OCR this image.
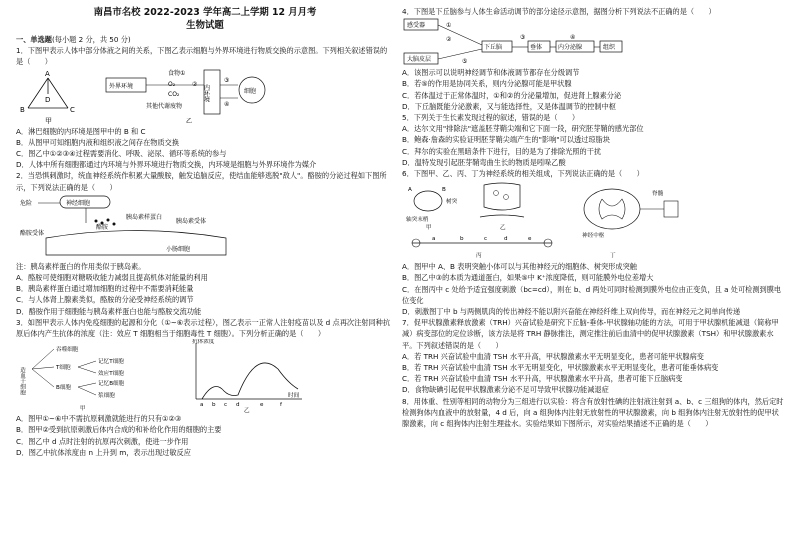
南昌市名校 2022-2023 学年高二上学期 12 月月考
生物试题

一、单选题(每小题 2 分，共 50 分)

1．下图甲表示人体中部分体液之间的关系，下图乙表示细胞与外界环境进行物质交换的示意图。下列相关叙述错误的是（　　）

A
B	C
D
甲
外界环境
食物
O₂
CO₂	内环境
①
②
③
④
细胞
其他代谢废物
乙

A．淋巴细胞的内环境是图甲中的 B 和 C

B．从图甲可知细胞内液和组织液之间存在物质交换

C．图乙中①②③④过程需要消化、呼吸、泌尿、循环等系统的参与

D．人体中所有细胞都通过内环境与外界环境进行物质交换，内环境是细胞与外界环境作为媒介

2．当恐惧刺激时，统血神经系统作积累大量酸胺，触发追脑反应，使结血能够逃脱"敌人"。酪胺的分泌过程如下图所示，下列说法正确的是（　　）

危险	神经细胞
酪胺受体
胰岛素样蛋白
酪胺
胰岛素受体
小肠细胞

注：胰岛素样蛋白的作用类似于胰岛素。

A．酪胺可使细胞对糖吸收能力减弱且提高机体对能量的利用

B．胰岛素样蛋白通过增加细胞的过程中不需要消耗能量

C．与人体肾上腺素类似，酪胺的分泌受神经系统的调节

D．酪胺作用于细胞能与胰岛素样蛋白也能与酪胺交流功能

3．如图甲表示人体内免疫细胞的起源和分化（①~⑥表示过程），图乙表示一正常人注射疫苗以及 d 点再次注射同种抗原后体内产生抗体的浓度（注：效应 T 细胞相当于细胞毒性 T 细胞）。下列分析正确的是（　　）

造血干细胞
吞噬细胞
T细胞
B细胞
记忆T细胞
效应T细胞
记忆B细胞
浆细胞
甲
抗体浓度
a b c d	e	f
时间
乙

A．图甲①~⑥中不需抗原刺激就能进行的只有①②③

B．图甲②受到抗原刺激后体内合成的和补给化作用的细胞的主要

C．图乙中 d 点时注射的抗原再次刺激，使进一步作用

D．图乙中抗体浓度由 n 上升到 m，表示出现过敏反应

4．下图是下丘脑参与人体生命活动调节的部分途径示意图，据图分析下列说法不正确的是（　　）

感受器	①
②	③	④
下丘脑	垂体	内分泌腺	组织
大脑皮层	⑤

A．该图示可以说明神经调节和体液调节都存在分级调节

B．若⑤的作用是协同关系，则内分泌腺可能是甲状腺

C．若体温过于正常体温时，①和②的分泌量增加，促进肾上腺素分泌

D．下丘脑既能分泌激素，又与能选择性，又是体温调节的控制中枢

5．下列关于生长素发现过程的叙述，错误的是（　　）

A．达尔文用"排除法"遮盖胚芽鞘尖端和它下面一段，研究胚芽鞘的感光部位

B．鲍森·詹森的实验证明胚芽鞘尖端产生的"影响"可以透过琼脂块

C．拜尔的实验在黑暗条件下进行，目的是为了排除光照的干扰

D．温特发现引起胚芽鞘弯曲生长的物质是吲哚乙酸

6．下图甲、乙、丙、丁为神经系统的相关组成，下列说法正确的是（　　）

A	B
树突
轴突末梢
甲	乙
a	b	c	d	e
丙
脊髓
神经中枢
丁

A．图甲中 A、B 表明突触小体可以与其他神经元的细胞体、树突形成突触

B．图乙中③的本质为通道蛋白，如果⑤中 K⁺浓度降低，则可能膜外电位差增大

C．在图丙中 c 处给予适宜强度刺激（bc=cd），则在 b、d 两处可同时检测到膜外电位由正变负，且 a 处可检测到膜电位变化

D．刺激图丁中 b 与两侧肌肉的传出神经不能以附兴奋能在神经纤维上双向传导，而在神经元之间单向传递

7．促甲状腺激素释放激素（TRH）兴奋试验是研究下丘脑-垂体-甲状腺轴功能的方法，可用于甲状腺机能减退（简称甲减）病变部位的定位诊断，该方法是将 TRH 静脉推注，测定推注前后血清中的促甲状腺激素（TSH）和甲状腺激素水平。下列叙述错误的是（　　）

A．若 TRH 兴奋试验中血清 TSH 水平升高，甲状腺激素水平无明显变化，患者可能甲状腺病变

B．若 TRH 兴奋试验中血清 TSH 水平无明显变化，甲状腺激素水平无明显变化，患者可能垂体病变

C．若 TRH 兴奋试验中血清 TSH 水平升高，甲状腺激素水平升高，患者可能下丘脑病变

D．食物缺碘引起促甲状腺激素分泌不足可导致甲状腺功能减退症

8．用体重、性别等相同的动物分为三组进行以实验：将含有放射性碘的注射液注射到 a、b、c 三组狗的体内，然后定时检测狗体内血液中的放射量，4 d 后，向 a 组狗体内注射无放射性的甲状腺激素，向 b 组狗体内注射无放射性的促甲状腺激素，向 c 组狗体内注射生理盐水。实验结果如下图所示，对实验结果描述不正确的是（　　）
